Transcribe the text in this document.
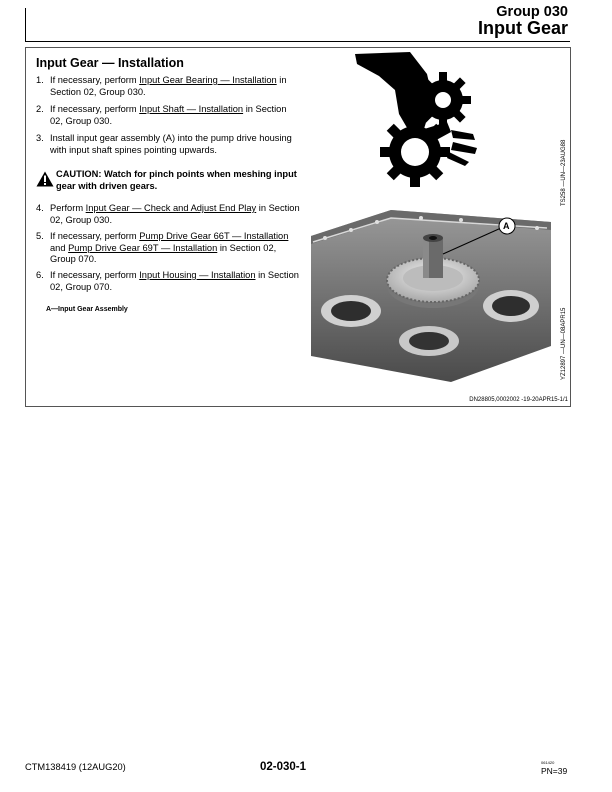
Group 030
Input Gear
Input Gear — Installation
1. If necessary, perform Input Gear Bearing — Installation in Section 02, Group 030.
2. If necessary, perform Input Shaft — Installation in Section 02, Group 030.
3. Install input gear assembly (A) into the pump drive housing with input shaft spines pointing upwards.
4. Perform Input Gear — Check and Adjust End Play in Section 02, Group 030.
5. If necessary, perform Pump Drive Gear 66T — Installation and Pump Drive Gear 69T — Installation in Section 02, Group 070.
6. If necessary, perform Input Housing — Installation in Section 02, Group 070.
CAUTION: Watch for pinch points when meshing input gear with driven gears.
A—Input Gear Assembly
A
TS258 —UN—23AUG88
YZ12897 —UN—08APR15
DN28805,0002002 -19-20APR15-1/1
CTM138419 (12AUG20)	02-030-1	061420
PN=39
